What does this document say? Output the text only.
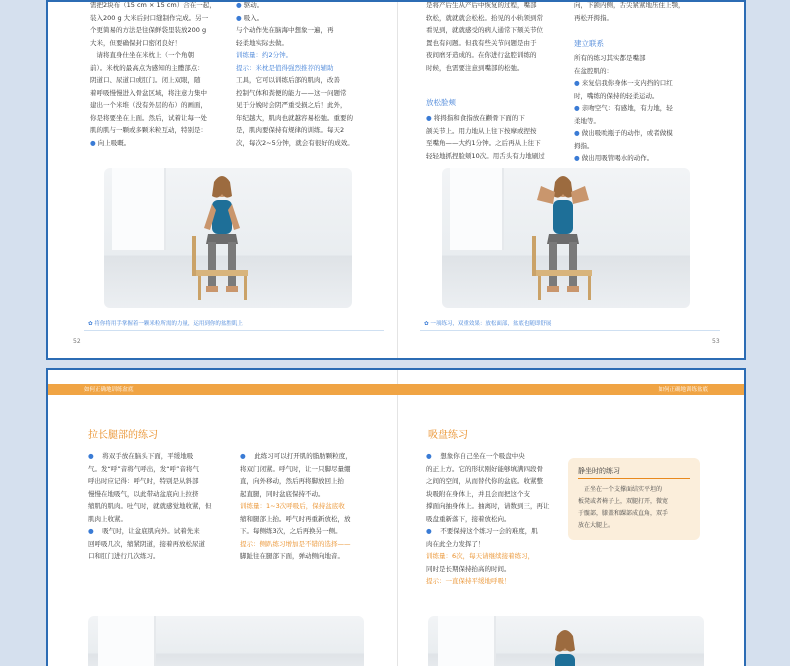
需把2块布（15 cm × 15 cm）合在一起，

装入200 g 大米后封口缝制作完成。另一

个更简易的方法是往保鲜袋里装放200 g

大米，但要确保封口密闭良好！

　请将直身仕坐在米枕上（一个角朝

前）。米枕的最高点为感知的主體部点：

阴道口、尿道口或肛门。闭上双眼，随

着呼吸慢慢进入骨盆区域，将注意力集中

建出一个米堆（没有外层的布）的画面，

你是将要坐在上面。然后，试着让每一处

肌的肌与一颗或多颗米粒互动，特别是：

● 向上吸嘅。

● 驱动。

● 吸入。

与个动作先在脑海中想象一遍，再

轻柔地实际去做。

训练量：约2分钟。

提示：米枕是值得强烈推荐的辅助

工具，它可以训练后部的肌肉，改善

控制气体和粪便的能力——这一问题常

见于分娩时会阴严重受损之后！此外，

年纪越大，肌肉也就越容易松弛。重要的

是，肌肉要保持有规律的训练。每天2

次，每次2~5分钟，就会有很好的成效。

✿ 将你将用手掌握着一颗米粒所需的力量，运用到你的盆腔肌上
52

是将产后生从产后中恢复的过程，嘴部

软松，就就就会松松。抬见的小轨领到常

看见到，就就感受的病人通常下颏关节位

置也有问题。但我有些关节问题是由于

夜间磨牙造成的。在你进行盆腔训练的

时候，也需要注意到嘴部的松弛。

放松脸颊

● 将拇指和食指放在颧骨下面的下

颌关节上。用力地从上往下按摩或捏按

至嘴角——大约1分钟。之后再从上往下

轻轻地抓捏脸颊10次。用舌头有力地刷过

向，下颌内侧，舌尖紧紧地压住上颚，

再松开拇指。

建立联系

所有的练习其实都是嘴部

在盆腔肌的：

● 来复信我你身体一支内挡的口红

时，嘴练的保持的轻柔运动。

● 亲吻空气：有感地，有力地，轻

柔地等。

● 做出吸吮瓶子的动作，或者做模

拇指。

● 做出用吸管喝水的动作。

✿ 一项练习，双重效果：放松面部，盆底也随即舒展
53
如何正确地训练盆底	如何正确地训练盆底
拉长腿部的练习

● 　将双手放在脑头下面，平缓地吸

气。发“呼”音将气呼出，发“呼”音将气

呼出时应记得：呼气时，特别是从斜部

慢慢在地吸气，以此带动盆底向上拉挤

缩肌的肌肉。吐气时，就就感觉地收紧，但

肌肉上收紧。

● 　吸气时，让盆底肌向外。试着先来

回呼吸几次，缩紧阴道，接着再放松尿道

口和肛门进行几次练习。

● 　此练习可以打开肌的脂肪颗粒度，

将双门闭紧。呼气时，让一只脚尽量绷

直，向外移动，然后再将脚放回上抬

起直腿，同时盆底保持不动。

训练量：1~3次呼吸后，保持盆底收

缩和腿部上抬。呼气时再重新放松，放

下。每侧练3次，之后再换另一侧。

提示：侧趴练习增加是不错的选择——

脚趾往在腿部下面，弹动侧向地音。

吸盘练习

● 　想象你自己坐在一个吸盘中央

的正上方。它的形状刚好能够填满四段骨

之间的空间，从而替代你的盆底。收紧整

块吸附在身体上，并且会而把这个支

撑面向抽身体上。抽离时，请数到三，再让

吸盘重新落下，接着放松向。

● 　不要保持这个练习一会的难度，肌

肉在此全力发挥了！

训练量：6次，每天请继续接着练习，

同时是长期保持抬高的时间。

提示：一直保持平缓地呼吸！

静坐时的练习
　正坐在一个支撑面结实平坦的
板凳或者椅子上，双腿打开，微宽
于髋部，膝盖和踝部成直角，双手
放在大腿上。
